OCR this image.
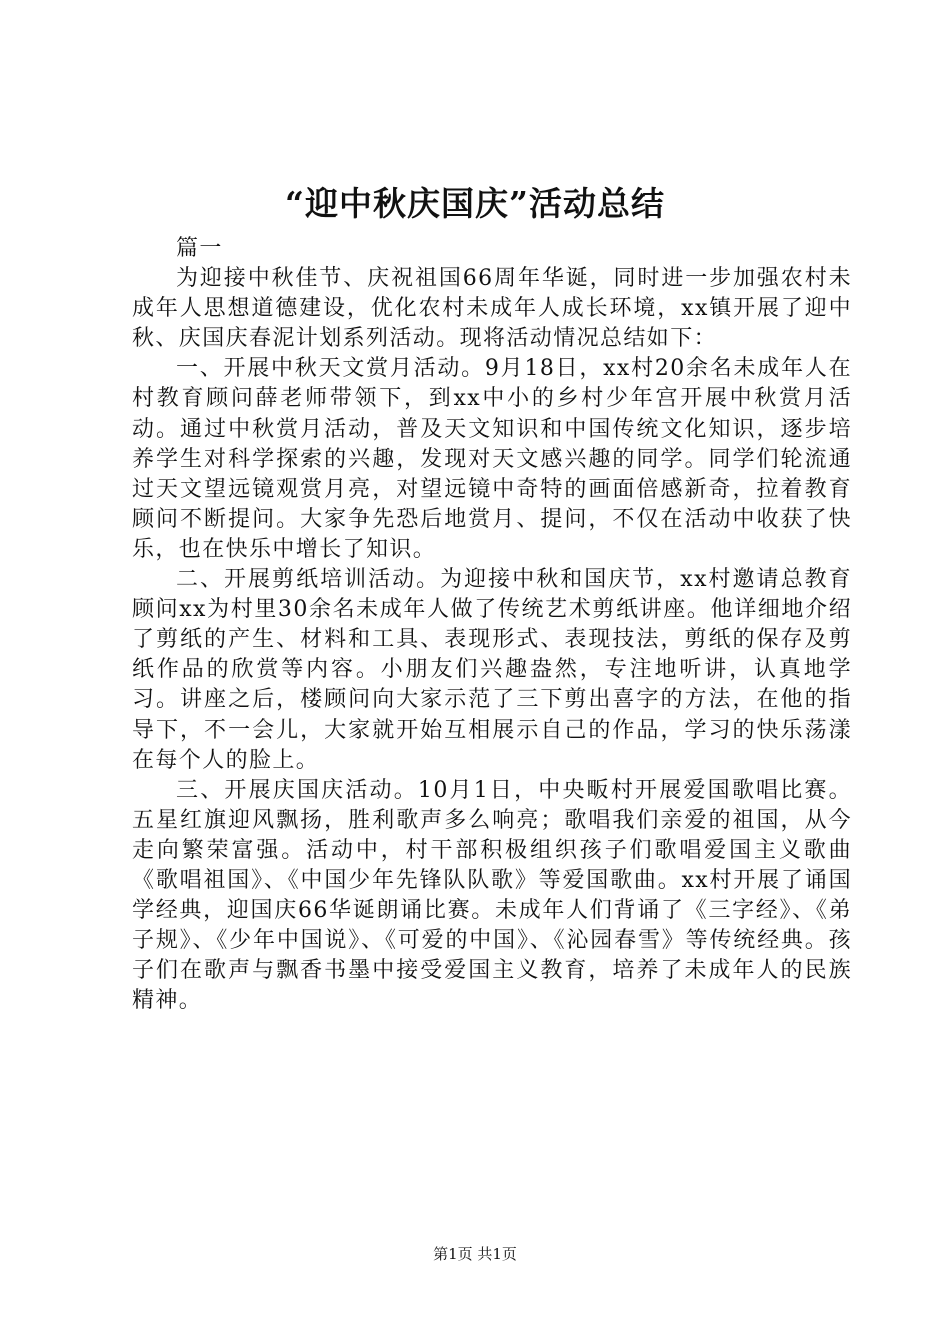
“迎中秋庆国庆”活动总结

篇一

为迎接中秋佳节、庆祝祖国66周年华诞，同时进一步加强农村未成年人思想道德建设，优化农村未成年人成长环境，xx镇开展了迎中秋、庆国庆春泥计划系列活动。现将活动情况总结如下：

一、开展中秋天文赏月活动。9月18日，xx村20余名未成年人在村教育顾问薛老师带领下，到xx中小的乡村少年宫开展中秋赏月活动。通过中秋赏月活动，普及天文知识和中国传统文化知识，逐步培养学生对科学探索的兴趣，发现对天文感兴趣的同学。同学们轮流通过天文望远镜观赏月亮，对望远镜中奇特的画面倍感新奇，拉着教育顾问不断提问。大家争先恐后地赏月、提问，不仅在活动中收获了快乐，也在快乐中增长了知识。

二、开展剪纸培训活动。为迎接中秋和国庆节，xx村邀请总教育顾问xx为村里30余名未成年人做了传统艺术剪纸讲座。他详细地介绍了剪纸的产生、材料和工具、表现形式、表现技法，剪纸的保存及剪纸作品的欣赏等内容。小朋友们兴趣盎然，专注地听讲，认真地学习。讲座之后，楼顾问向大家示范了三下剪出喜字的方法，在他的指导下，不一会儿，大家就开始互相展示自己的作品，学习的快乐荡漾在每个人的脸上。

三、开展庆国庆活动。10月1日，中央畈村开展爱国歌唱比赛。五星红旗迎风飘扬，胜利歌声多么响亮；歌唱我们亲爱的祖国，从今走向繁荣富强。活动中，村干部积极组织孩子们歌唱爱国主义歌曲《歌唱祖国》、《中国少年先锋队队歌》等爱国歌曲。xx村开展了诵国学经典，迎国庆66华诞朗诵比赛。未成年人们背诵了《三字经》、《弟子规》、《少年中国说》、《可爱的中国》、《沁园春雪》等传统经典。孩子们在歌声与飘香书墨中接受爱国主义教育，培养了未成年人的民族精神。

第1页 共1页
